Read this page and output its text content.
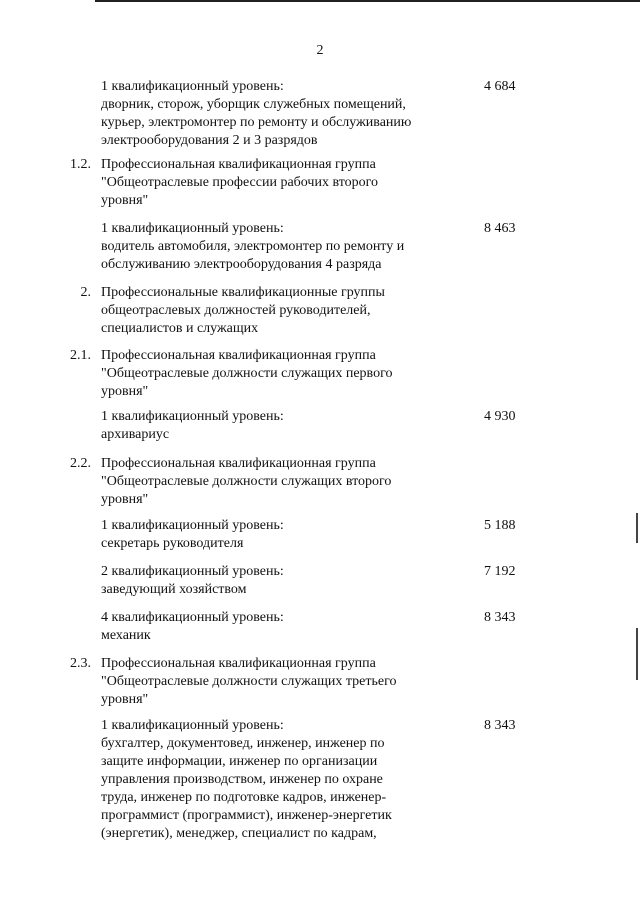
2
1 квалификационный уровень:
дворник, сторож, уборщик служебных помещений,
курьер, электромонтер по ремонту и обслуживанию
электрооборудования 2 и 3 разрядов
4 684
1.2. Профессиональная квалификационная группа
"Общеотраслевые профессии рабочих второго
уровня"
1 квалификационный уровень:
водитель автомобиля, электромонтер по ремонту и
обслуживанию электрооборудования 4 разряда
8 463
2. Профессиональные квалификационные группы
общеотраслевых должностей руководителей,
специалистов и служащих
2.1. Профессиональная квалификационная группа
"Общеотраслевые должности служащих первого
уровня"
1 квалификационный уровень:
архивариус
4 930
2.2. Профессиональная квалификационная группа
"Общеотраслевые должности служащих второго
уровня"
1 квалификационный уровень:
секретарь руководителя
5 188
2 квалификационный уровень:
заведующий хозяйством
7 192
4 квалификационный уровень:
механик
8 343
2.3. Профессиональная квалификационная группа
"Общеотраслевые должности служащих третьего
уровня"
1 квалификационный уровень:
бухгалтер, документовед, инженер, инженер по
защите информации, инженер по организации
управления производством, инженер по охране
труда, инженер по подготовке кадров, инженер-
программист (программист), инженер-энергетик
(энергетик), менеджер, специалист по кадрам,
8 343
